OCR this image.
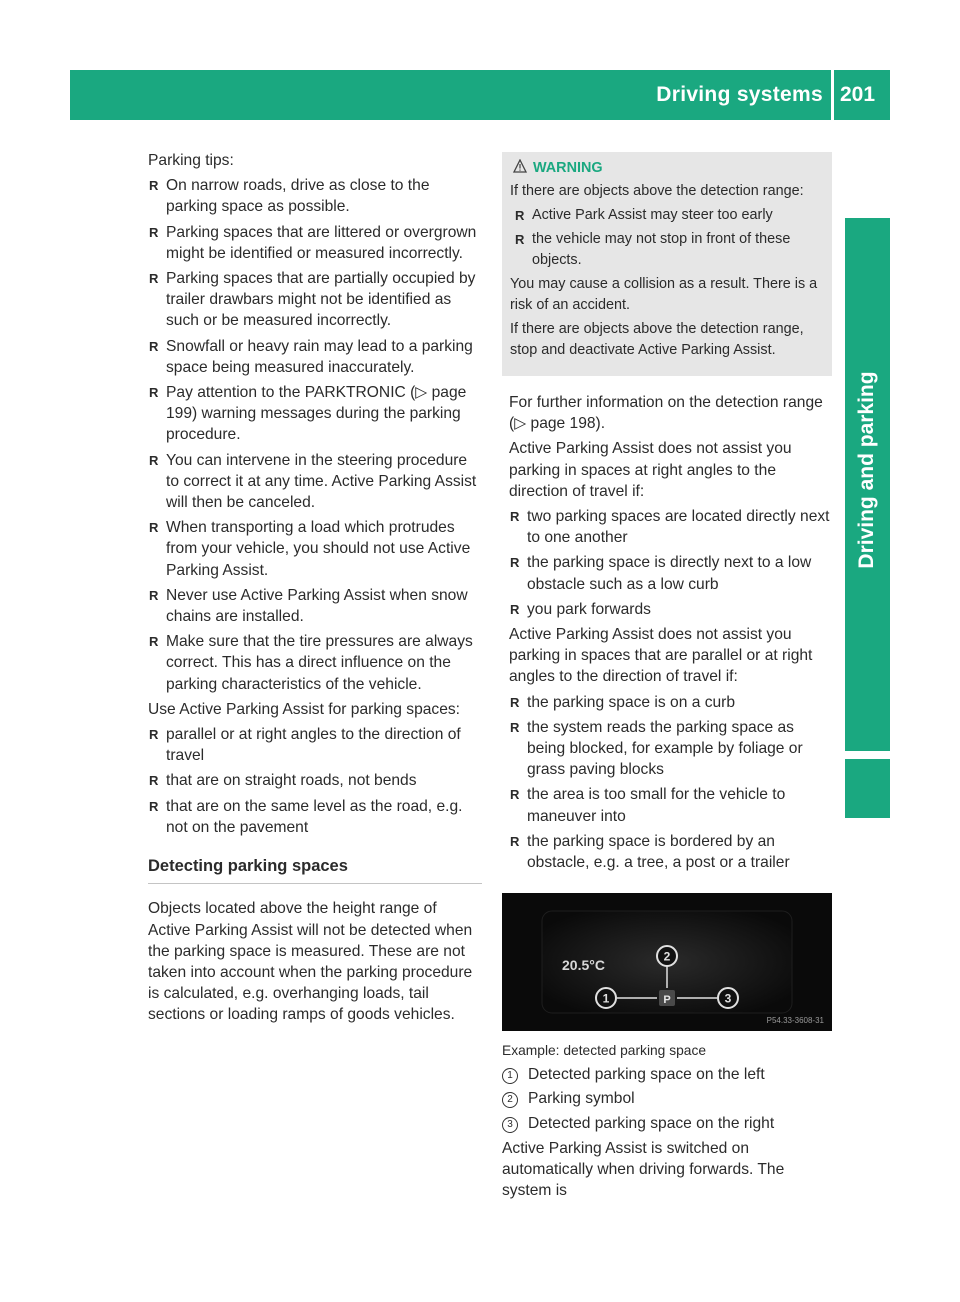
Driving systems 201
Driving and parking

Parking tips:

R On narrow roads, drive as close to the parking space as possible.
R Parking spaces that are littered or overgrown might be identified or measured incorrectly.
R Parking spaces that are partially occupied by trailer drawbars might not be identified as such or be measured incorrectly.
R Snowfall or heavy rain may lead to a parking space being measured inaccurately.
R Pay attention to the PARKTRONIC (▷ page 199) warning messages during the parking procedure.
R You can intervene in the steering procedure to correct it at any time. Active Parking Assist will then be canceled.
R When transporting a load which protrudes from your vehicle, you should not use Active Parking Assist.
R Never use Active Parking Assist when snow chains are installed.
R Make sure that the tire pressures are always correct. This has a direct influence on the parking characteristics of the vehicle.

Use Active Parking Assist for parking spaces:

R parallel or at right angles to the direction of travel
R that are on straight roads, not bends
R that are on the same level as the road, e.g. not on the pavement
Detecting parking spaces

Objects located above the height range of Active Parking Assist will not be detected when the parking space is measured. These are not taken into account when the parking procedure is calculated, e.g. overhanging loads, tail sections or loading ramps of goods vehicles.

WARNING

If there are objects above the detection range:

R Active Park Assist may steer too early
R the vehicle may not stop in front of these objects.

You may cause a collision as a result. There is a risk of an accident.

If there are objects above the detection range, stop and deactivate Active Parking Assist.

For further information on the detection range (▷ page 198).

Active Parking Assist does not assist you parking in spaces at right angles to the direction of travel if:

R two parking spaces are located directly next to one another
R the parking space is directly next to a low obstacle such as a low curb
R you park forwards

Active Parking Assist does not assist you parking in spaces that are parallel or at right angles to the direction of travel if:

R the parking space is on a curb
R the system reads the parking space as being blocked, for example by foliage or grass paving blocks
R the area is too small for the vehicle to maneuver into
R the parking space is bordered by an obstacle, e.g. a tree, a post or a trailer
20.5°C
P
1
2
3
P54.33-3608-31

Example: detected parking space

1 Detected parking space on the left
2 Parking symbol
3 Detected parking space on the right

Active Parking Assist is switched on automatically when driving forwards. The system is
